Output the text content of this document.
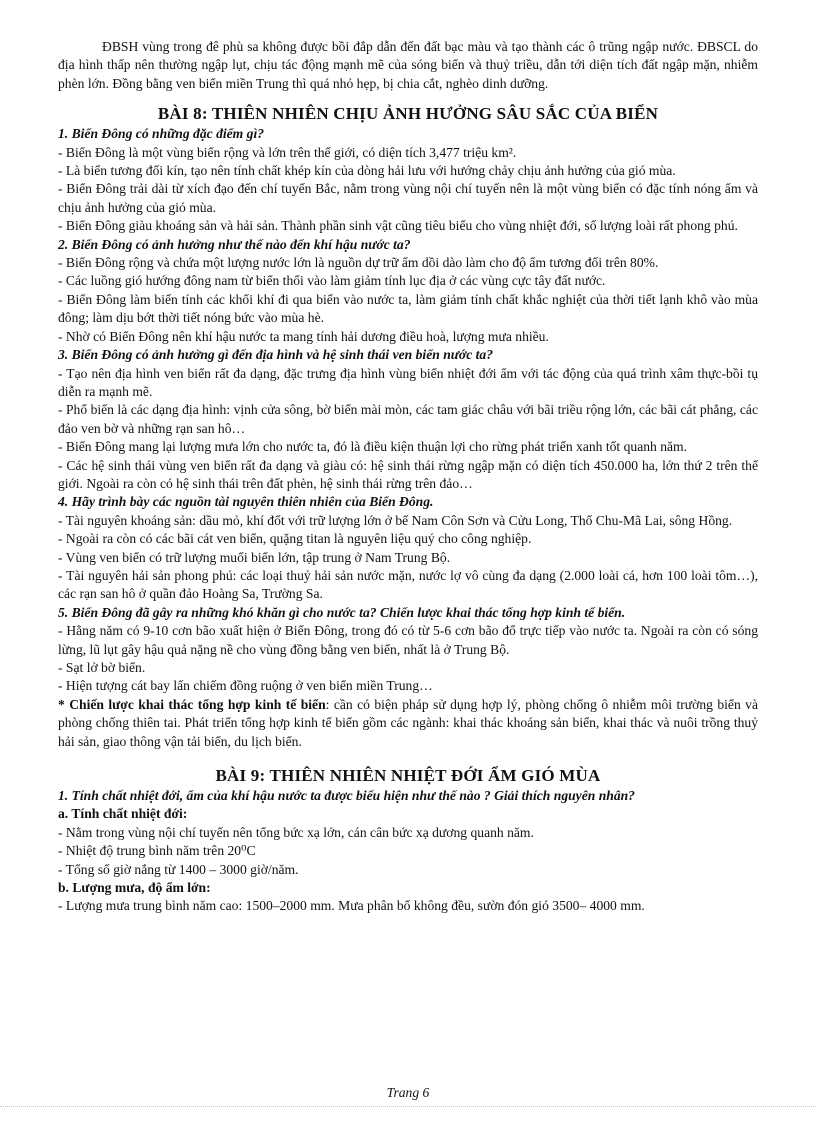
ĐBSH vùng trong đê phù sa không được bồi đắp dẫn đến đất bạc màu và tạo thành các ô trũng ngập nước. ĐBSCL do địa hình thấp nên thường ngập lụt, chịu tác động mạnh mẽ của sóng biển và thuỷ triều, dẫn tới diện tích đất ngập mặn, nhiễm phèn lớn. Đồng bằng ven biển miền Trung thì quá nhỏ hẹp, bị chia cắt, nghèo dinh dưỡng.

BÀI 8: THIÊN NHIÊN CHỊU ẢNH HƯỞNG SÂU SẮC CỦA BIỂN

1. Biển Đông có những đặc điểm gì?

- Biển Đông là một vùng biển rộng và lớn trên thế giới, có diện tích 3,477 triệu km².

- Là biển tương đối kín, tạo nên tính chất khép kín của dòng hải lưu với hướng chảy chịu ảnh hưởng của gió mùa.

- Biển Đông trải dài từ xích đạo đến chí tuyến Bắc, nằm trong vùng nội chí tuyến nên là một vùng biển có đặc tính nóng ẩm và chịu ảnh hưởng của gió mùa.

- Biển Đông giàu khoáng sản và hải sản. Thành phần sinh vật cũng tiêu biểu cho vùng nhiệt đới, số lượng loài rất phong phú.

2. Biển Đông có ảnh hưởng như thế nào đến khí hậu nước ta?

- Biển Đông rộng và chứa một lượng nước lớn là nguồn dự trữ ẩm dồi dào làm cho độ ẩm tương đối trên 80%.

- Các luồng gió hướng đông nam từ biển thổi vào làm giảm tính lục địa ở các vùng cực tây đất nước.

- Biển Đông làm biến tính các khối khí đi qua biển vào nước ta, làm giảm tính chất khắc nghiệt của thời tiết lạnh khô vào mùa đông; làm dịu bớt thời tiết nóng bức vào mùa hè.

- Nhờ có Biển Đông nên khí hậu nước ta mang tính hải dương điều hoà, lượng mưa nhiều.

3. Biển Đông có ảnh hưởng gì đến địa hình và hệ sinh thái ven biển nước ta?

- Tạo nên địa hình ven biển rất đa dạng, đặc trưng địa hình vùng biển nhiệt đới ẩm với tác động của quá trình xâm thực-bồi tụ diễn ra mạnh mẽ.

- Phổ biến là các dạng địa hình: vịnh cửa sông, bờ biển mài mòn, các tam giác châu với bãi triều rộng lớn, các bãi cát phẳng, các đảo ven bờ và những rạn san hô…

- Biển Đông mang lại lượng mưa lớn cho nước ta, đó là điều kiện thuận lợi cho rừng phát triển xanh tốt quanh năm.

- Các hệ sinh thái vùng ven biển rất đa dạng và giàu có: hệ sinh thái rừng ngập mặn có diện tích 450.000 ha, lớn thứ 2 trên thế giới. Ngoài ra còn có hệ sinh thái trên đất phèn, hệ sinh thái rừng trên đảo…

4. Hãy trình bày các nguồn tài nguyên thiên nhiên của Biển Đông.

- Tài nguyên khoáng sản: dầu mỏ, khí đốt với trữ lượng lớn ở bể Nam Côn Sơn và Cửu Long, Thổ Chu-Mã Lai, sông Hồng.

- Ngoài ra còn có các bãi cát ven biển, quặng titan là nguyên liệu quý cho công nghiệp.

- Vùng ven biển có trữ lượng muối biển lớn, tập trung ở Nam Trung Bộ.

- Tài nguyên hải sản phong phú: các loại thuỷ hải sản nước mặn, nước lợ vô cùng đa dạng (2.000 loài cá, hơn 100 loài tôm…), các rạn san hô ở quần đảo Hoàng Sa, Trường Sa.

5. Biển Đông đã gây ra những khó khăn gì cho nước ta? Chiến lược khai thác tổng hợp kinh tế biển.

- Hằng năm có 9-10 cơn bão xuất hiện ở Biển Đông, trong đó có từ 5-6 cơn bão đổ trực tiếp vào nước ta. Ngoài ra còn có sóng lừng, lũ lụt gây hậu quả nặng nề cho vùng đồng bằng ven biển, nhất là ở Trung Bộ.

- Sạt lở bờ biển.

- Hiện tượng cát bay lấn chiếm đồng ruộng ở ven biển miền Trung…

* Chiến lược khai thác tổng hợp kinh tế biển: cần có biện pháp sử dụng hợp lý, phòng chống ô nhiễm môi trường biển và phòng chống thiên tai. Phát triển tổng hợp kinh tế biển gồm các ngành: khai thác khoáng sản biển, khai thác và nuôi trồng thuỷ hải sản, giao thông vận tải biển, du lịch biển.

BÀI 9: THIÊN NHIÊN NHIỆT ĐỚI ẨM GIÓ MÙA

1. Tính chất nhiệt đới, ẩm của khí hậu nước ta được biểu hiện như thế nào ? Giải thích nguyên nhân?

a. Tính chất nhiệt đới:

- Nằm trong vùng nội chí tuyến nên tổng bức xạ lớn, cán cân bức xạ dương quanh năm.

- Nhiệt độ trung bình năm trên 20⁰C

- Tổng số giờ nắng từ 1400 – 3000 giờ/năm.

b. Lượng mưa, độ ẩm lớn:

- Lượng mưa trung bình năm cao: 1500–2000 mm. Mưa phân bố không đều, sườn đón gió 3500– 4000 mm.

Trang 6
